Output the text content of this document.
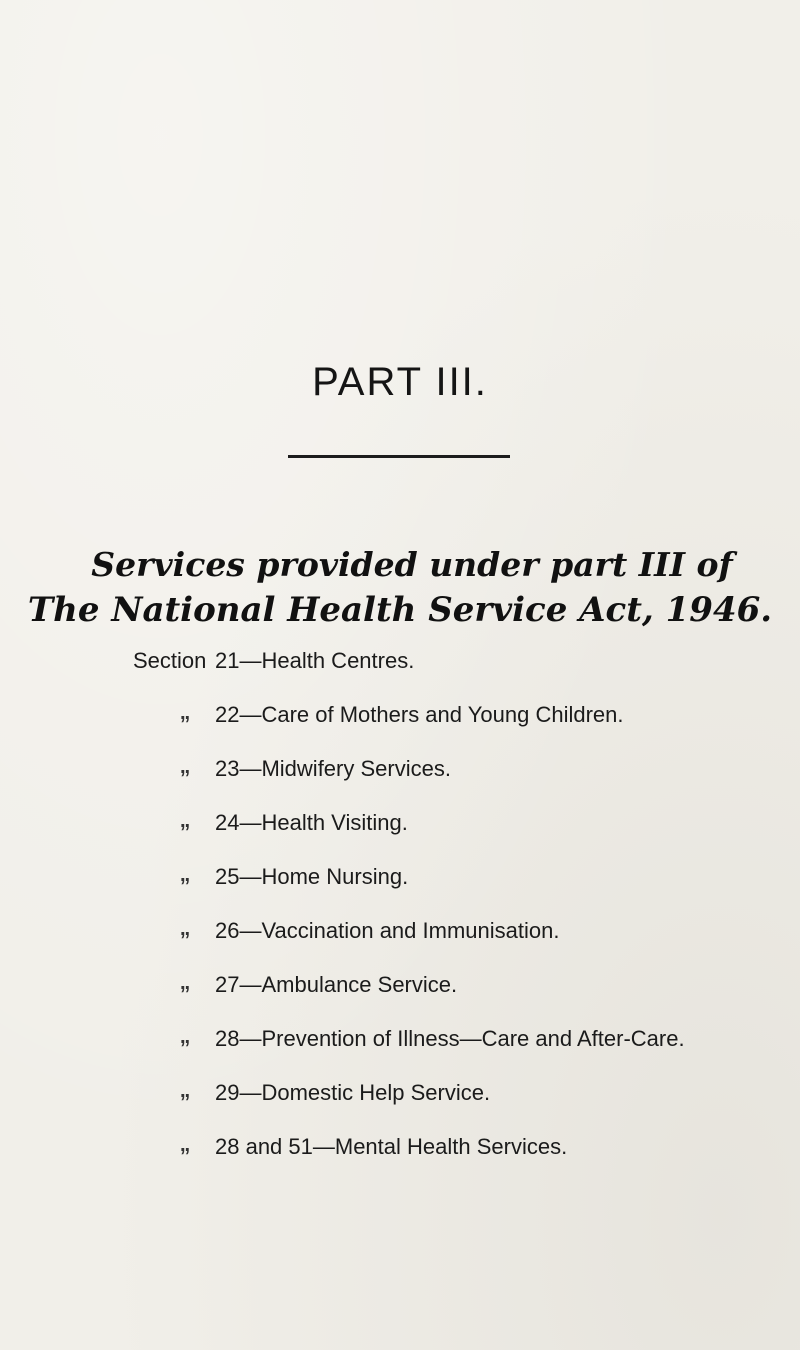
PART III.
Services provided under part III of
The National Health Service Act, 1946.
Section 21—Health Centres.
,, 22—Care of Mothers and Young Children.
,, 23—Midwifery Services.
,, 24—Health Visiting.
,, 25—Home Nursing.
,, 26—Vaccination and Immunisation.
,, 27—Ambulance Service.
,, 28—Prevention of Illness—Care and After-Care.
,, 29—Domestic Help Service.
,, 28 and 51—Mental Health Services.
